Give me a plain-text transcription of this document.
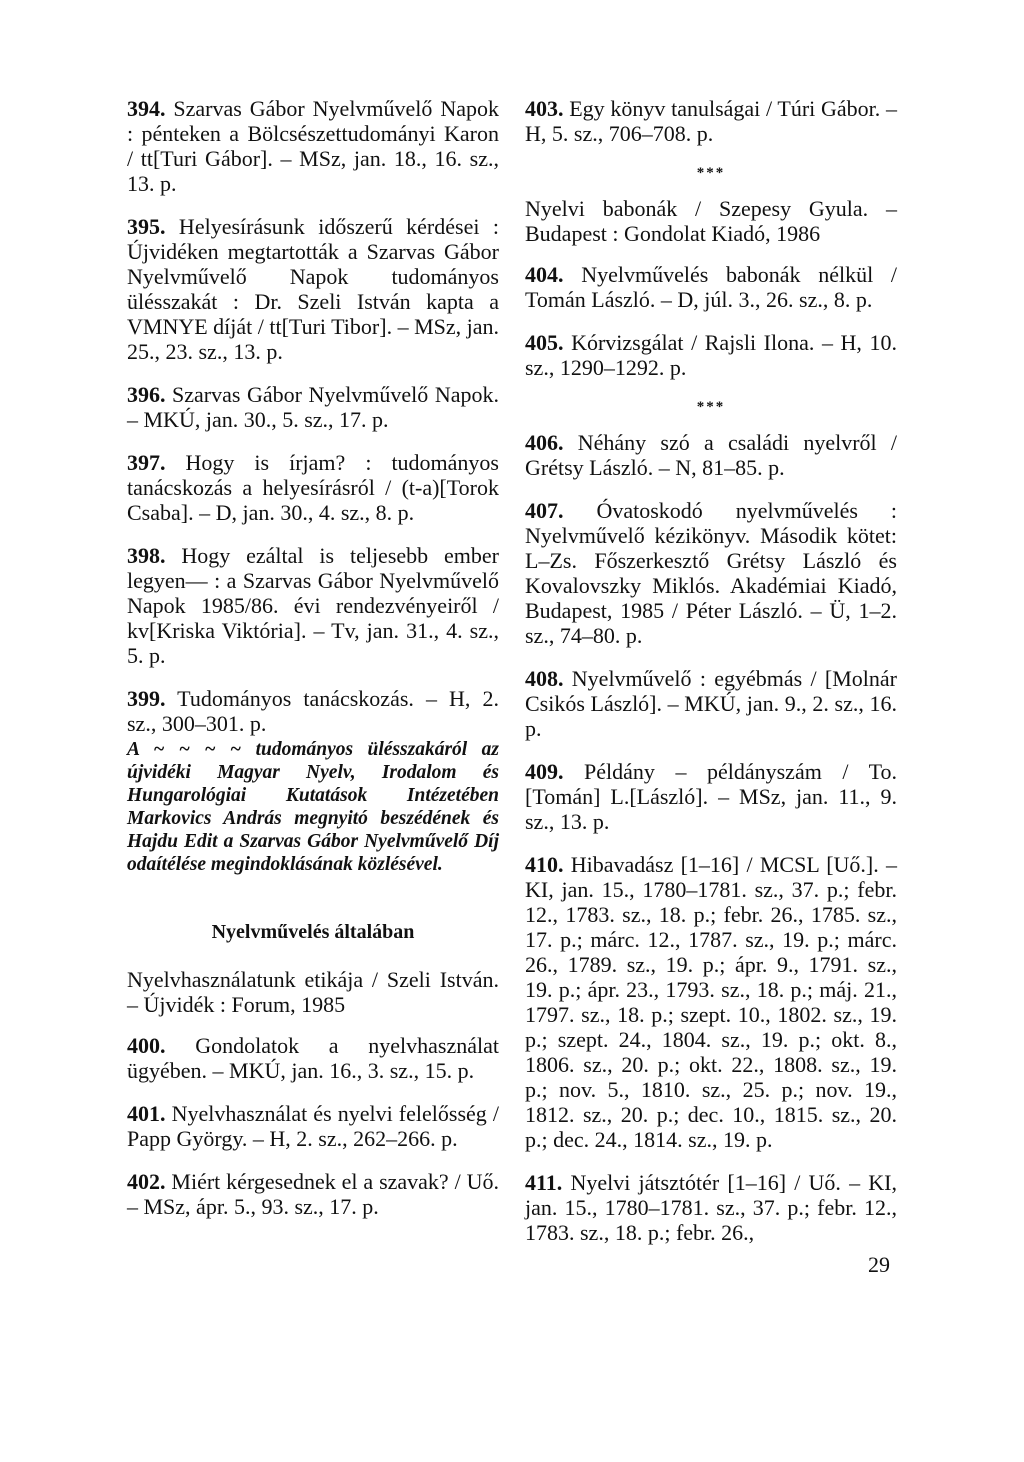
394. Szarvas Gábor Nyelvművelő Napok : pénteken a Bölcsészettudományi Karon / tt[Turi Gábor]. – MSz, jan. 18., 16. sz., 13. p.
395. Helyesírásunk időszerű kérdései : Újvidéken megtartották a Szarvas Gábor Nyelvművelő Napok tudományos ülésszakát : Dr. Szeli István kapta a VMNYE díját / tt[Turi Tibor]. – MSz, jan. 25., 23. sz., 13. p.
396. Szarvas Gábor Nyelvművelő Napok. – MKÚ, jan. 30., 5. sz., 17. p.
397. Hogy is írjam? : tudományos tanácskozás a helyesírásról / (t-a)[Torok Csaba]. – D, jan. 30., 4. sz., 8. p.
398. Hogy ezáltal is teljesebb ember legyen— : a Szarvas Gábor Nyelvművelő Napok 1985/86. évi rendezvényeiről / kv[Kriska Viktória]. – Tv, jan. 31., 4. sz., 5. p.
399. Tudományos tanácskozás. – H, 2. sz., 300–301. p.
A ~ ~ ~ ~ tudományos ülésszakáról az újvidéki Magyar Nyelv, Irodalom és Hungarológiai Kutatások Intézetében Markovics András megnyitó beszédének és Hajdu Edit a Szarvas Gábor Nyelvművelő Díj odaítélése megindoklásának közlésével.
Nyelvművelés általában
Nyelvhasználatunk etikája / Szeli István. – Újvidék : Forum, 1985
400. Gondolatok a nyelvhasználat ügyében. – MKÚ, jan. 16., 3. sz., 15. p.
401. Nyelvhasználat és nyelvi felelősség / Papp György. – H, 2. sz., 262–266. p.
402. Miért kérgesednek el a szavak? / Uő. – MSz, ápr. 5., 93. sz., 17. p.
403. Egy könyv tanulságai / Túri Gábor. – H, 5. sz., 706–708. p.
***
Nyelvi babonák / Szepesy Gyula. – Budapest : Gondolat Kiadó, 1986
404. Nyelvművelés babonák nélkül / Tomán László. – D, júl. 3., 26. sz., 8. p.
405. Kórvizsgálat / Rajsli Ilona. – H, 10. sz., 1290–1292. p.
***
406. Néhány szó a családi nyelvről / Grétsy László. – N, 81–85. p.
407. Óvatoskodó nyelvművelés : Nyelvművelő kézikönyv. Második kötet: L–Zs. Főszerkesztő Grétsy László és Kovalovszky Miklós. Akadémiai Kiadó, Budapest, 1985 / Péter László. – Ü, 1–2. sz., 74–80. p.
408. Nyelvművelő : egyébmás / [Molnár Csikós László]. – MKÚ, jan. 9., 2. sz., 16. p.
409. Példány – példányszám / To.[Tomán] L.[László]. – MSz, jan. 11., 9. sz., 13. p.
410. Hibavadász [1–16] / MCSL [Uő.]. – KI, jan. 15., 1780–1781. sz., 37. p.; febr. 12., 1783. sz., 18. p.; febr. 26., 1785. sz., 17. p.; márc. 12., 1787. sz., 19. p.; márc. 26., 1789. sz., 19. p.; ápr. 9., 1791. sz., 19. p.; ápr. 23., 1793. sz., 18. p.; máj. 21., 1797. sz., 18. p.; szept. 10., 1802. sz., 19. p.; szept. 24., 1804. sz., 19. p.; okt. 8., 1806. sz., 20. p.; okt. 22., 1808. sz., 19. p.; nov. 5., 1810. sz., 25. p.; nov. 19., 1812. sz., 20. p.; dec. 10., 1815. sz., 20. p.; dec. 24., 1814. sz., 19. p.
411. Nyelvi játsztótér [1–16] / Uő. – KI, jan. 15., 1780–1781. sz., 37. p.; febr. 12., 1783. sz., 18. p.; febr. 26.,
29
